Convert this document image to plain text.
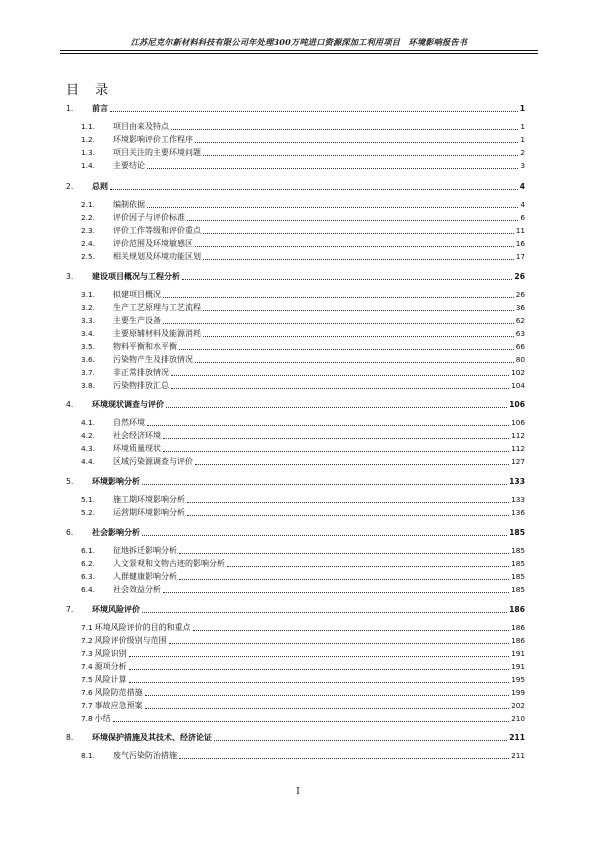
江苏尼克尔新材料科技有限公司年处理300万吨进口资源深加工利用项目　环境影响报告书
目 录
1.	前言	1
1.1.	项目由来及特点	1
1.2.	环境影响评价工作程序	1
1.3.	项目关注的主要环境问题	2
1.4.	主要结论	3
2.	总则	4
2.1.	编制依据	4
2.2.	评价因子与评价标准	6
2.3.	评价工作等级和评价重点	11
2.4.	评价范围及环境敏感区	16
2.5.	相关规划及环境功能区划	17
3.	建设项目概况与工程分析	26
3.1.	拟建项目概况	26
3.2.	生产工艺原理与工艺流程	36
3.3.	主要生产设备	62
3.4.	主要原辅材料及能源消耗	63
3.5.	物料平衡和水平衡	66
3.6.	污染物产生及排放情况	80
3.7.	非正常排放情况	102
3.8.	污染物排放汇总	104
4.	环境现状调查与评价	106
4.1.	自然环境	106
4.2.	社会经济环境	112
4.3.	环境质量现状	112
4.4.	区域污染源调查与评价	127
5.	环境影响分析	133
5.1.	施工期环境影响分析	133
5.2.	运营期环境影响分析	136
6.	社会影响分析	185
6.1.	征地拆迁影响分析	185
6.2.	人文景观和文物古迹的影响分析	185
6.3.	人群健康影响分析	185
6.4.	社会效益分析	185
7.	环境风险评价	186
7.1 环境风险评价的目的和重点	186
7.2 风险评价级别与范围	186
7.3 风险识别	191
7.4 源项分析	191
7.5 风险计算	195
7.6 风险防范措施	199
7.7 事故应急预案	202
7.8 小结	210
8.	环境保护措施及其技术、经济论证	211
8.1.	废气污染防治措施	211
I
